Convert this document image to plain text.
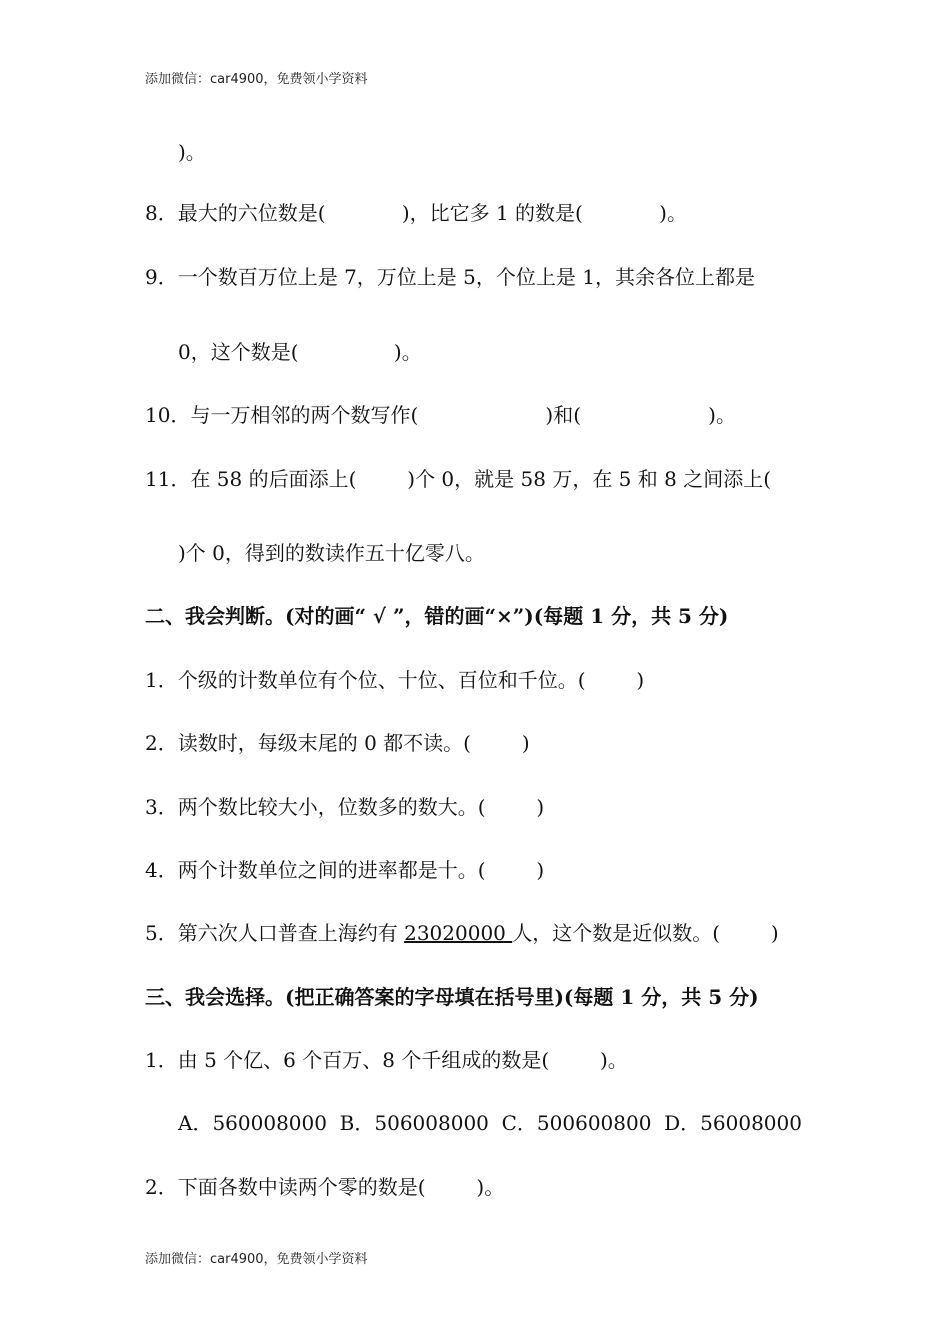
添加微信：car4900，免费领小学资料
)。
8．最大的六位数是(            )，比它多 1 的数是(            )。
9．一个数百万位上是 7，万位上是 5，个位上是 1，其余各位上都是
0，这个数是(               )。
10．与一万相邻的两个数写作(                    )和(                    )。
11．在 58 的后面添上(        )个 0，就是 58 万，在 5 和 8 之间添上(
)个 0，得到的数读作五十亿零八。
二、我会判断。(对的画“ √ ”，错的画“×”)(每题 1 分，共 5 分)
1．个级的计数单位有个位、十位、百位和千位。(        )
2．读数时，每级末尾的 0 都不读。(        )
3．两个数比较大小，位数多的数大。(        )
4．两个计数单位之间的进率都是十。(        )
5．第六次人口普查上海约有 23020000 人，这个数是近似数。(        )
三、我会选择。(把正确答案的字母填在括号里)(每题 1 分，共 5 分)
1．由 5 个亿、6 个百万、8 个千组成的数是(        )。
A．560008000  B．506008000  C．500600800  D．56008000
2．下面各数中读两个零的数是(        )。
添加微信：car4900，免费领小学资料
